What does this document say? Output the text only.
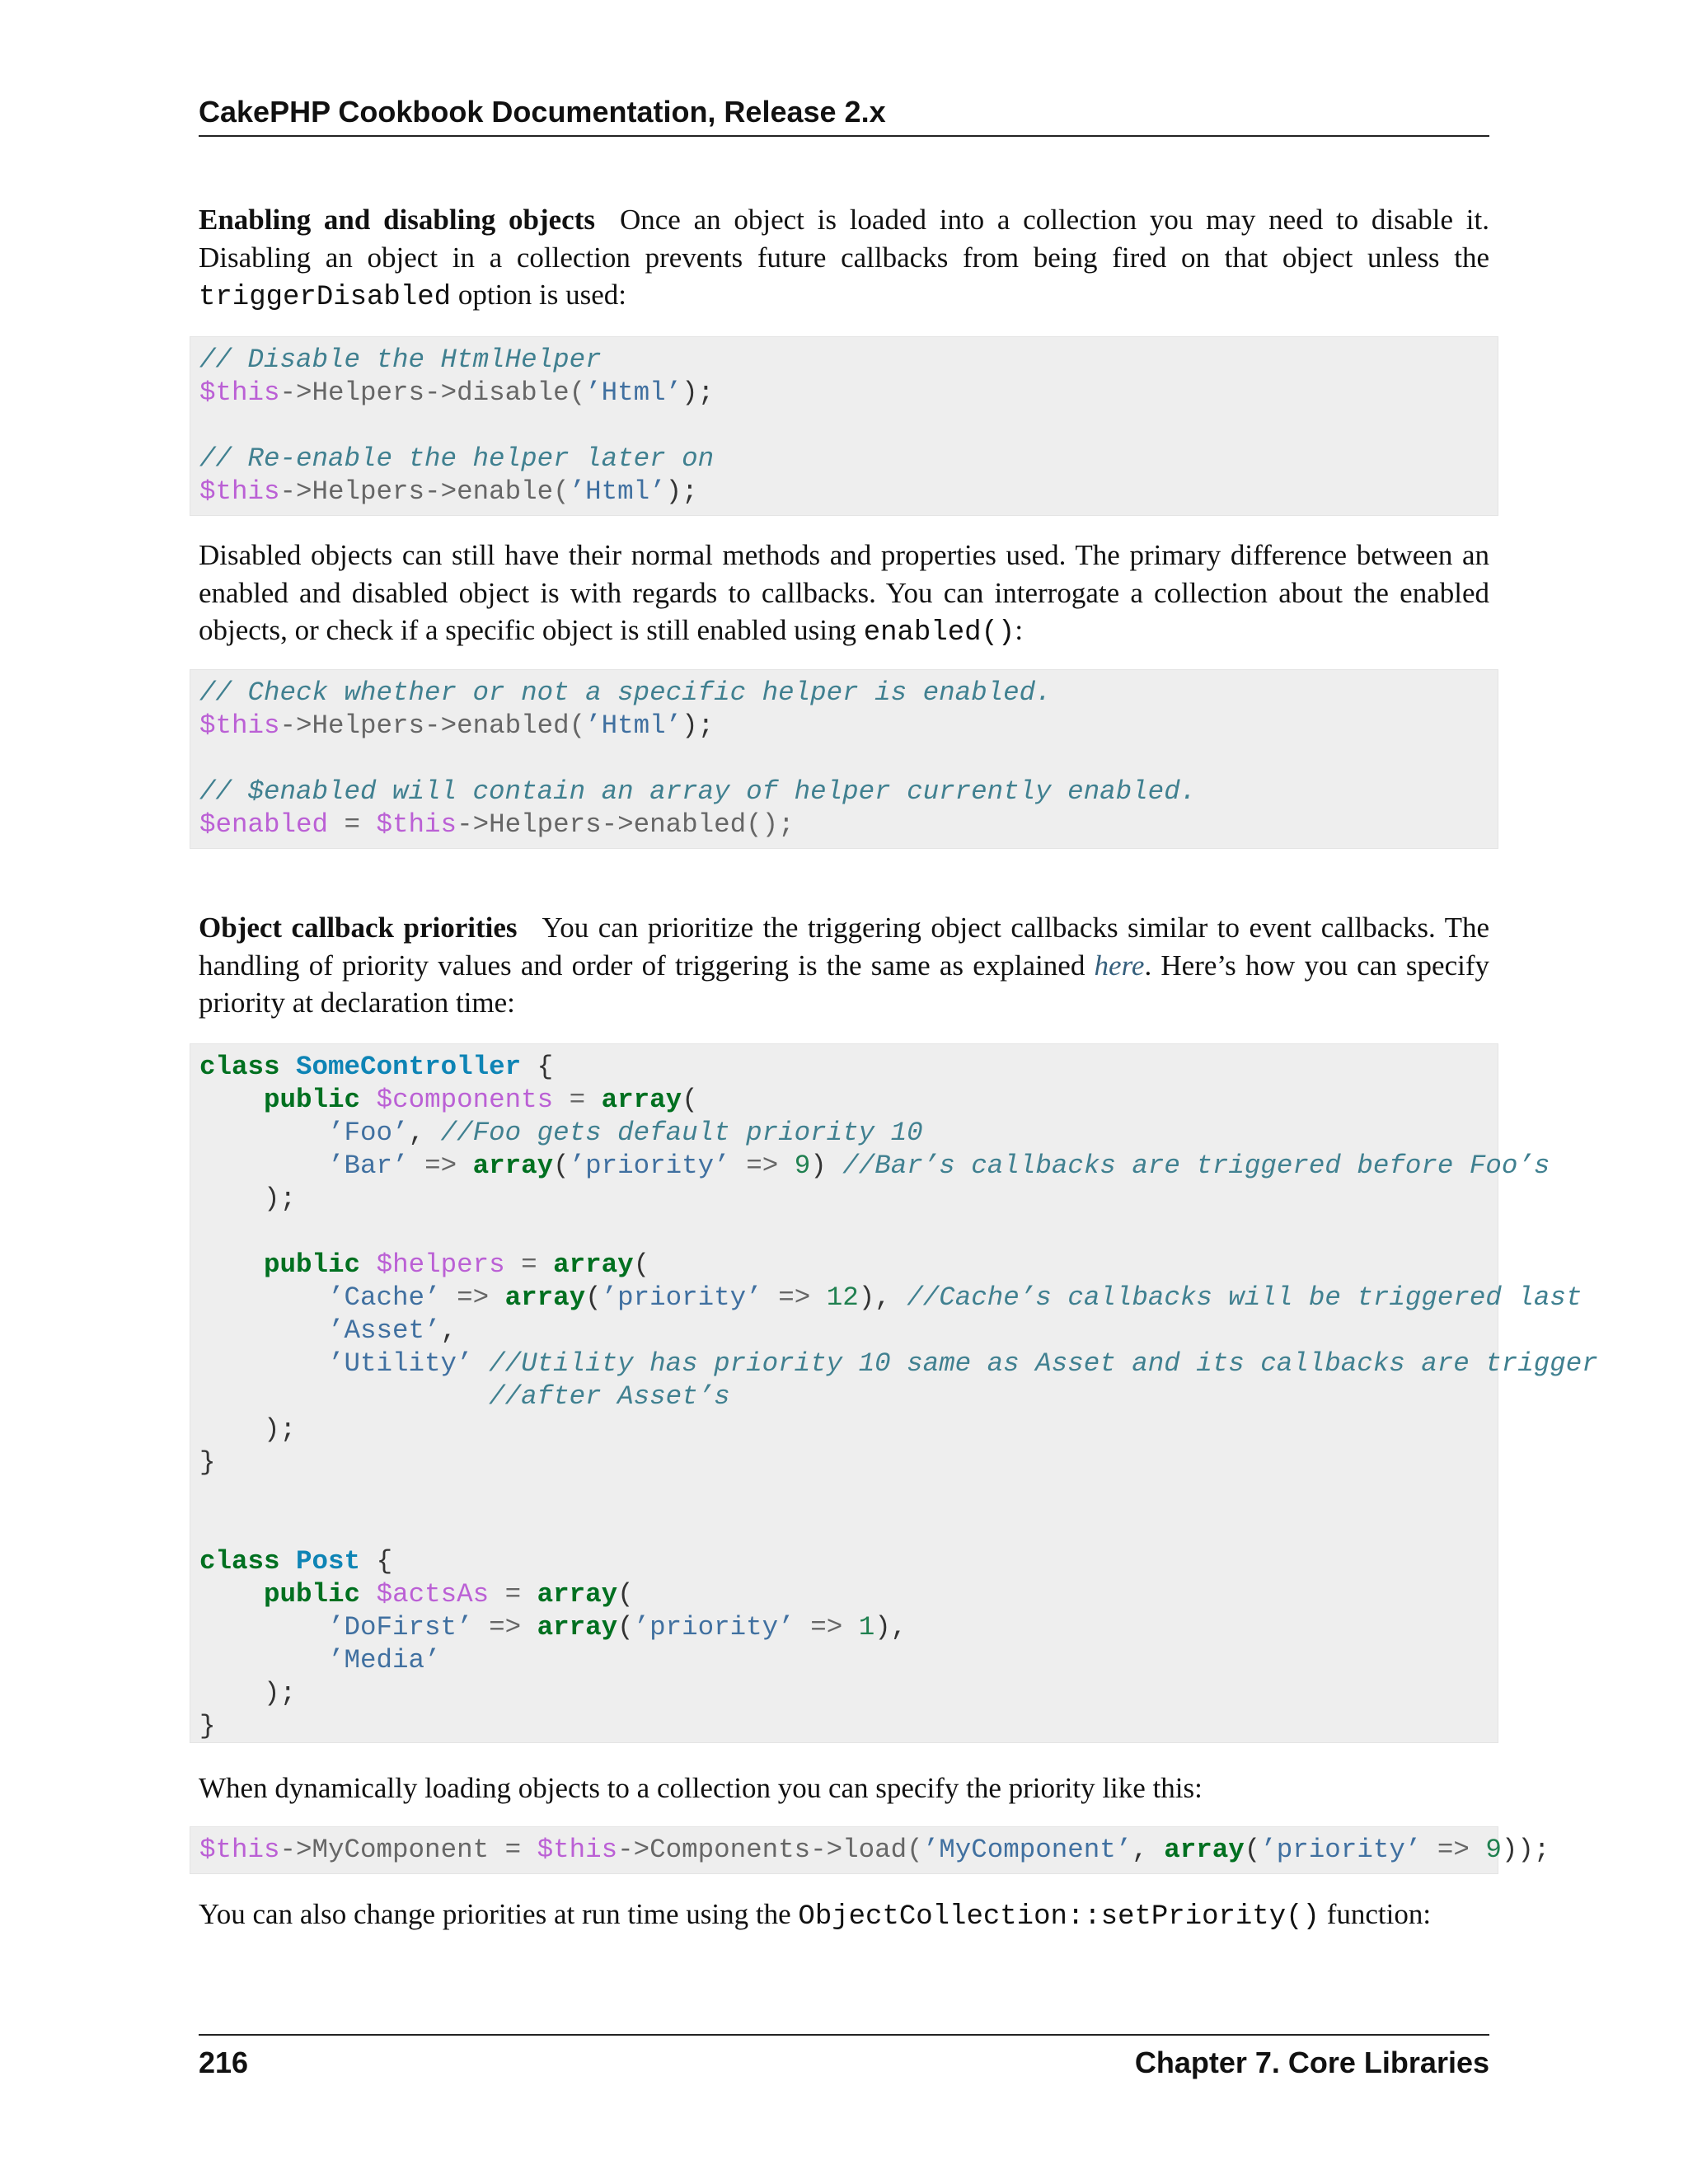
CakePHP Cookbook Documentation, Release 2.x
Enabling and disabling objects Once an object is loaded into a collection you may need to disable it. Disabling an object in a collection prevents future callbacks from being fired on that object unless the triggerDisabled option is used:
// Disable the HtmlHelper
$this->Helpers->disable(’Html’);
// Re-enable the helper later on
$this->Helpers->enable(’Html’);
Disabled objects can still have their normal methods and properties used. The primary difference between an enabled and disabled object is with regards to callbacks. You can interrogate a collection about the enabled objects, or check if a specific object is still enabled using enabled():
// Check whether or not a specific helper is enabled.
$this->Helpers->enabled(’Html’);
// $enabled will contain an array of helper currently enabled.
$enabled = $this->Helpers->enabled();
Object callback priorities You can prioritize the triggering object callbacks similar to event callbacks. The handling of priority values and order of triggering is the same as explained here. Here’s how you can specify priority at declaration time:
class SomeController {
public $components = array(
’Foo’, //Foo gets default priority 10
’Bar’ => array(’priority’ => 9) //Bar’s callbacks are triggered before Foo’s
);
public $helpers = array(
’Cache’ => array(’priority’ => 12), //Cache’s callbacks will be triggered last
’Asset’,
’Utility’ //Utility has priority 10 same as Asset and its callbacks are trigger
//after Asset’s
);
}
class Post {
public $actsAs = array(
’DoFirst’ => array(’priority’ => 1),
’Media’
);
}
When dynamically loading objects to a collection you can specify the priority like this:
$this->MyComponent = $this->Components->load(’MyComponent’, array(’priority’ => 9));
You can also change priorities at run time using the ObjectCollection::setPriority() function:
216	Chapter 7. Core Libraries
